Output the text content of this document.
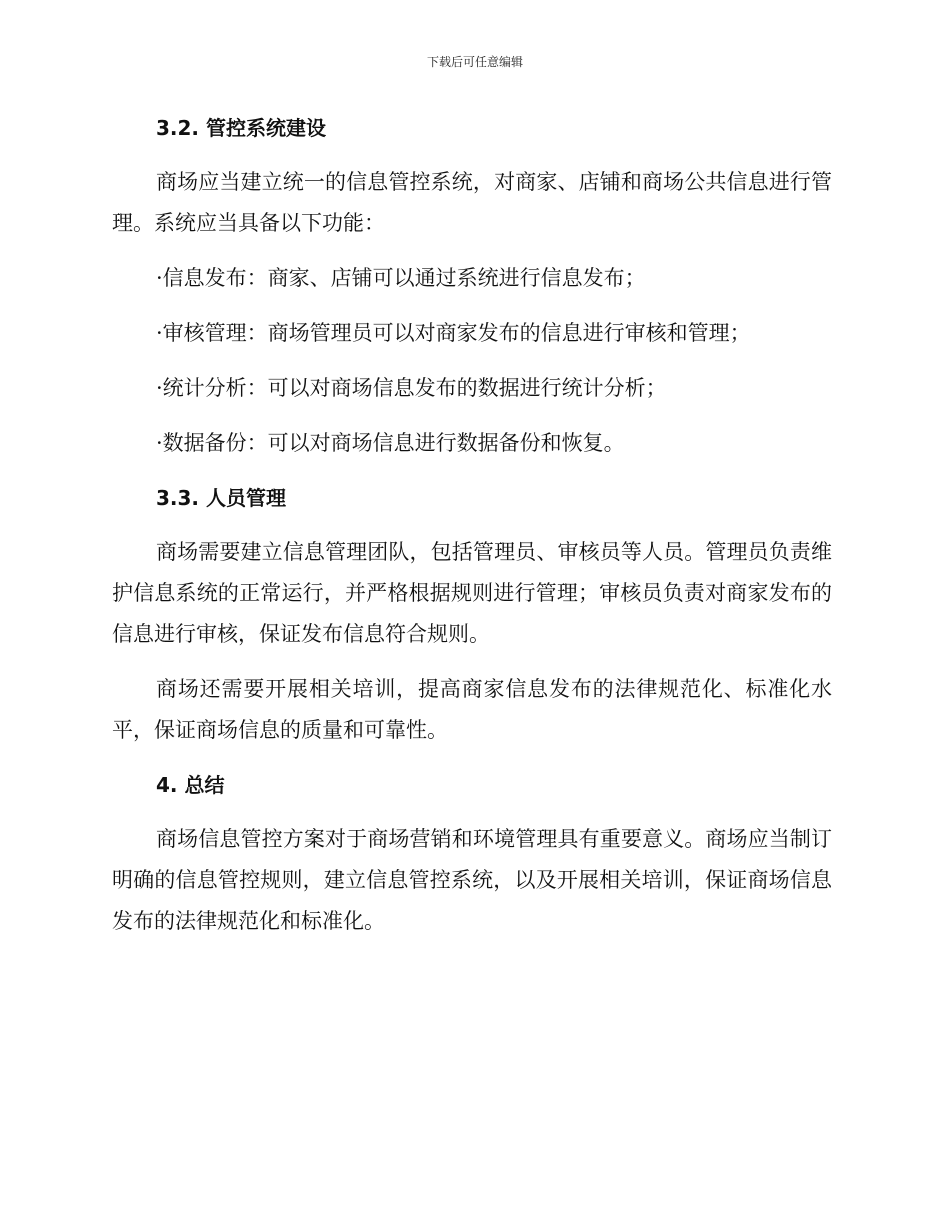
下载后可任意编辑
3.2. 管控系统建设

商场应当建立统一的信息管控系统，对商家、店铺和商场公共信息进行管理。系统应当具备以下功能：

·信息发布：商家、店铺可以通过系统进行信息发布；
·审核管理：商场管理员可以对商家发布的信息进行审核和管理；
·统计分析：可以对商场信息发布的数据进行统计分析；
·数据备份：可以对商场信息进行数据备份和恢复。
3.3. 人员管理

商场需要建立信息管理团队，包括管理员、审核员等人员。管理员负责维护信息系统的正常运行，并严格根据规则进行管理；审核员负责对商家发布的信息进行审核，保证发布信息符合规则。

商场还需要开展相关培训，提高商家信息发布的法律规范化、标准化水平，保证商场信息的质量和可靠性。

4. 总结

商场信息管控方案对于商场营销和环境管理具有重要意义。商场应当制订明确的信息管控规则，建立信息管控系统，以及开展相关培训，保证商场信息发布的法律规范化和标准化。
